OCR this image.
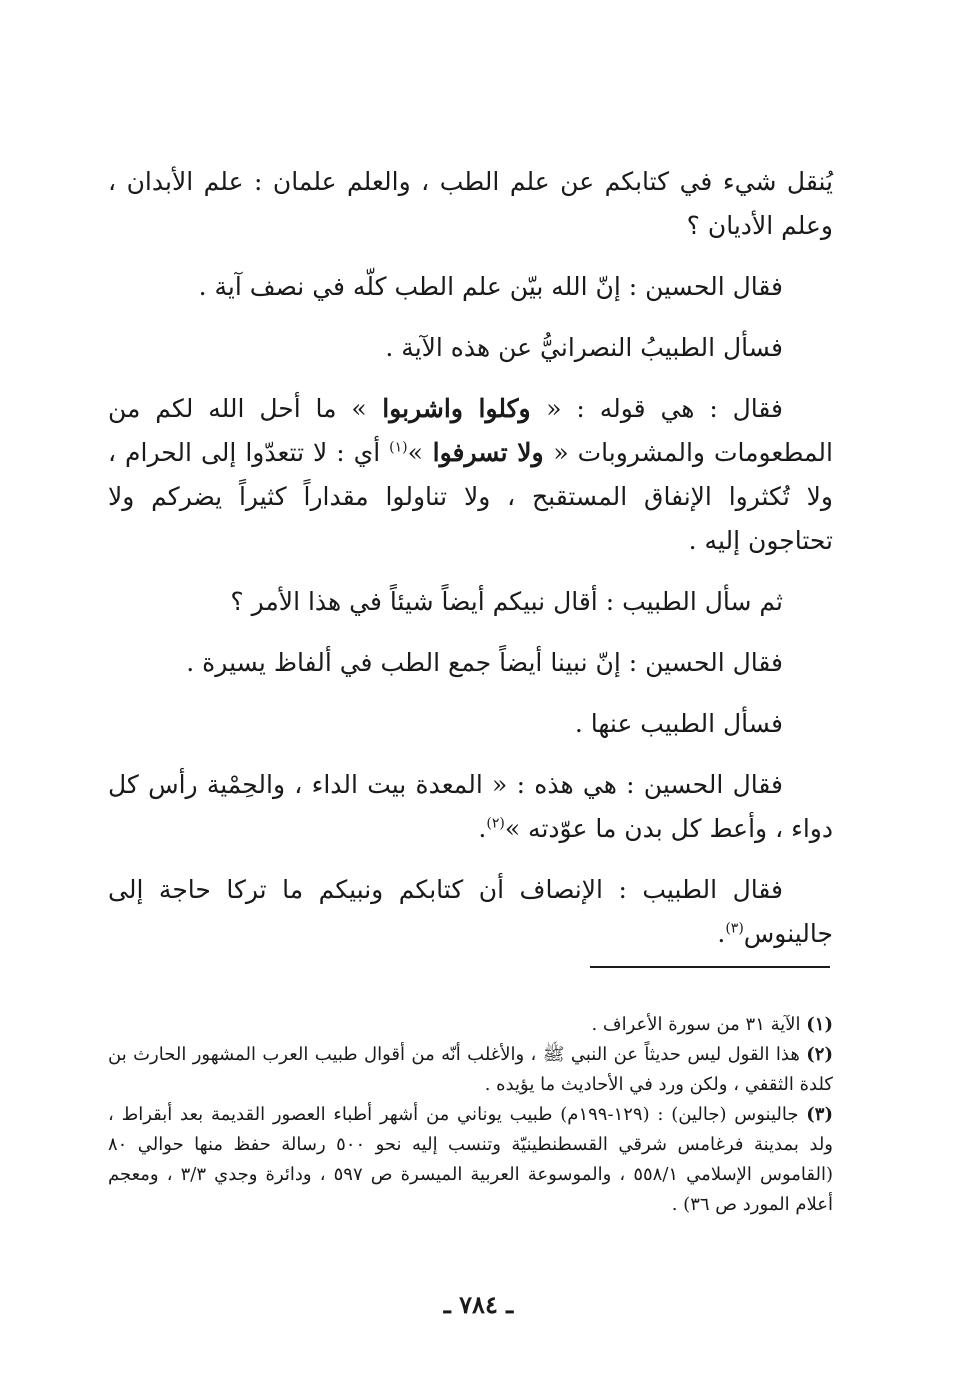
يُنقل شيء في كتابكم عن علم الطب ، والعلم علمان : علم الأبدان ، وعلم الأديان ؟

فقال الحسين : إنّ الله بيّن علم الطب كلّه في نصف آية .

فسأل الطبيبُ النصرانيُّ عن هذه الآية .

فقال : هي قوله : « وكلوا واشربوا » ما أحل الله لكم من المطعومات والمشروبات « ولا تسرفوا »$^{(١)}$ أي : لا تتعدّوا إلى الحرام ، ولا تُكثروا الإنفاق المستقبح ، ولا تناولوا مقداراً كثيراً يضركم ولا تحتاجون إليه .

ثم سأل الطبيب : أقال نبيكم أيضاً شيئاً في هذا الأمر ؟

فقال الحسين : إنّ نبينا أيضاً جمع الطب في ألفاظ يسيرة .

فسأل الطبيب عنها .

فقال الحسين : هي هذه : « المعدة بيت الداء ، والحِمْية رأس كل دواء ، وأعط كل بدن ما عوّدته »$^{(٢)}$.

فقال الطبيب : الإنصاف أن كتابكم ونبيكم ما تركا حاجة إلى جالينوس$^{(٣)}$.

(١) الآية ٣١ من سورة الأعراف .

(٢) هذا القول ليس حديثاً عن النبي ﷺ ، والأغلب أنّه من أقوال طبيب العرب المشهور الحارث بن كلدة الثقفي ، ولكن ورد في الأحاديث ما يؤيده .

(٣) جالينوس (جالين) : (١٢٩-١٩٩م) طبيب يوناني من أشهر أطباء العصور القديمة بعد أبقراط ، ولد بمدينة فرغامس شرقي القسطنطينيّة وتنسب إليه نحو ٥٠٠ رسالة حفظ منها حوالي ٨٠ (القاموس الإسلامي ٥٥٨/١ ، والموسوعة العربية الميسرة ص ٥٩٧ ، ودائرة وجدي ٣/٣ ، ومعجم أعلام المورد ص ٣٦) .

ـ ٧٨٤ ـ
